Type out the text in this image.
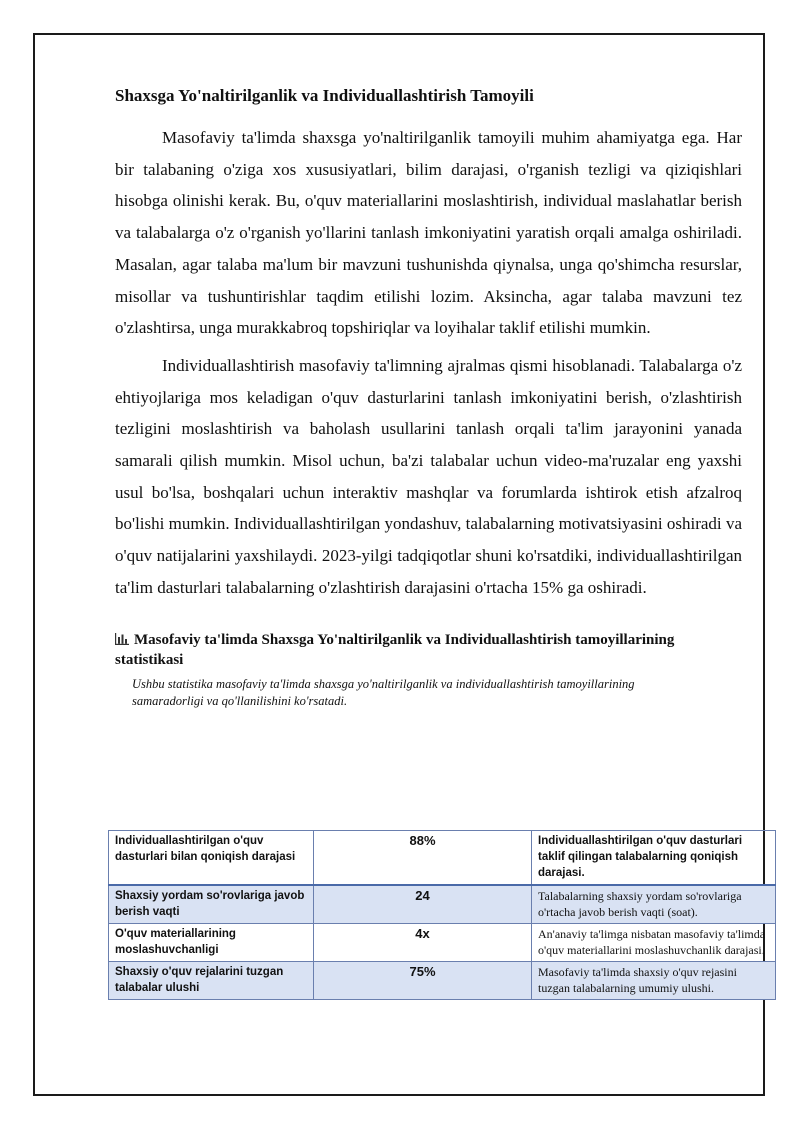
Shaxsga Yo'naltirilganlik va Individuallashtirish Tamoyili

Masofaviy ta'limda shaxsga yo'naltirilganlik tamoyili muhim ahamiyatga ega. Har bir talabaning o'ziga xos xususiyatlari, bilim darajasi, o'rganish tezligi va qiziqishlari hisobga olinishi kerak. Bu, o'quv materiallarini moslashtirish, individual maslahatlar berish va talabalarga o'z o'rganish yo'llarini tanlash imkoniyatini yaratish orqali amalga oshiriladi. Masalan, agar talaba ma'lum bir mavzuni tushunishda qiynalsa, unga qo'shimcha resurslar, misollar va tushuntirishlar taqdim etilishi lozim. Aksincha, agar talaba mavzuni tez o'zlashtirsa, unga murakkabroq topshiriqlar va loyihalar taklif etilishi mumkin.

Individuallashtirish masofaviy ta'limning ajralmas qismi hisoblanadi. Talabalarga o'z ehtiyojlariga mos keladigan o'quv dasturlarini tanlash imkoniyatini berish, o'zlashtirish tezligini moslashtirish va baholash usullarini tanlash orqali ta'lim jarayonini yanada samarali qilish mumkin. Misol uchun, ba'zi talabalar uchun video-ma'ruzalar eng yaxshi usul bo'lsa, boshqalari uchun interaktiv mashqlar va forumlarda ishtirok etish afzalroq bo'lishi mumkin. Individuallashtirilgan yondashuv, talabalarning motivatsiyasini oshiradi va o'quv natijalarini yaxshilaydi. 2023-yilgi tadqiqotlar shuni ko'rsatdiki, individuallashtirilgan ta'lim dasturlari talabalarning o'zlashtirish darajasini o'rtacha 15% ga oshiradi.

Masofaviy ta'limda Shaxsga Yo'naltirilganlik va Individuallashtirish tamoyillarining statistikasi
Ushbu statistika masofaviy ta'limda shaxsga yo'naltirilganlik va individuallashtirish tamoyillarining samaradorligi va qo'llanilishini ko'rsatadi.
Individuallashtirilgan o'quv dasturlari bilan qoniqish darajasi	88%	Individuallashtirilgan o'quv dasturlari taklif qilingan talabalarning qoniqish darajasi.
Shaxsiy yordam so'rovlariga javob berish vaqti	24	Talabalarning shaxsiy yordam so'rovlariga o'rtacha javob berish vaqti (soat).
O'quv materiallarining moslashuvchanligi	4x	An'anaviy ta'limga nisbatan masofaviy ta'limda o'quv materiallarini moslashuvchanlik darajasi.
Shaxsiy o'quv rejalarini tuzgan talabalar ulushi	75%	Masofaviy ta'limda shaxsiy o'quv rejasini tuzgan talabalarning umumiy ulushi.
